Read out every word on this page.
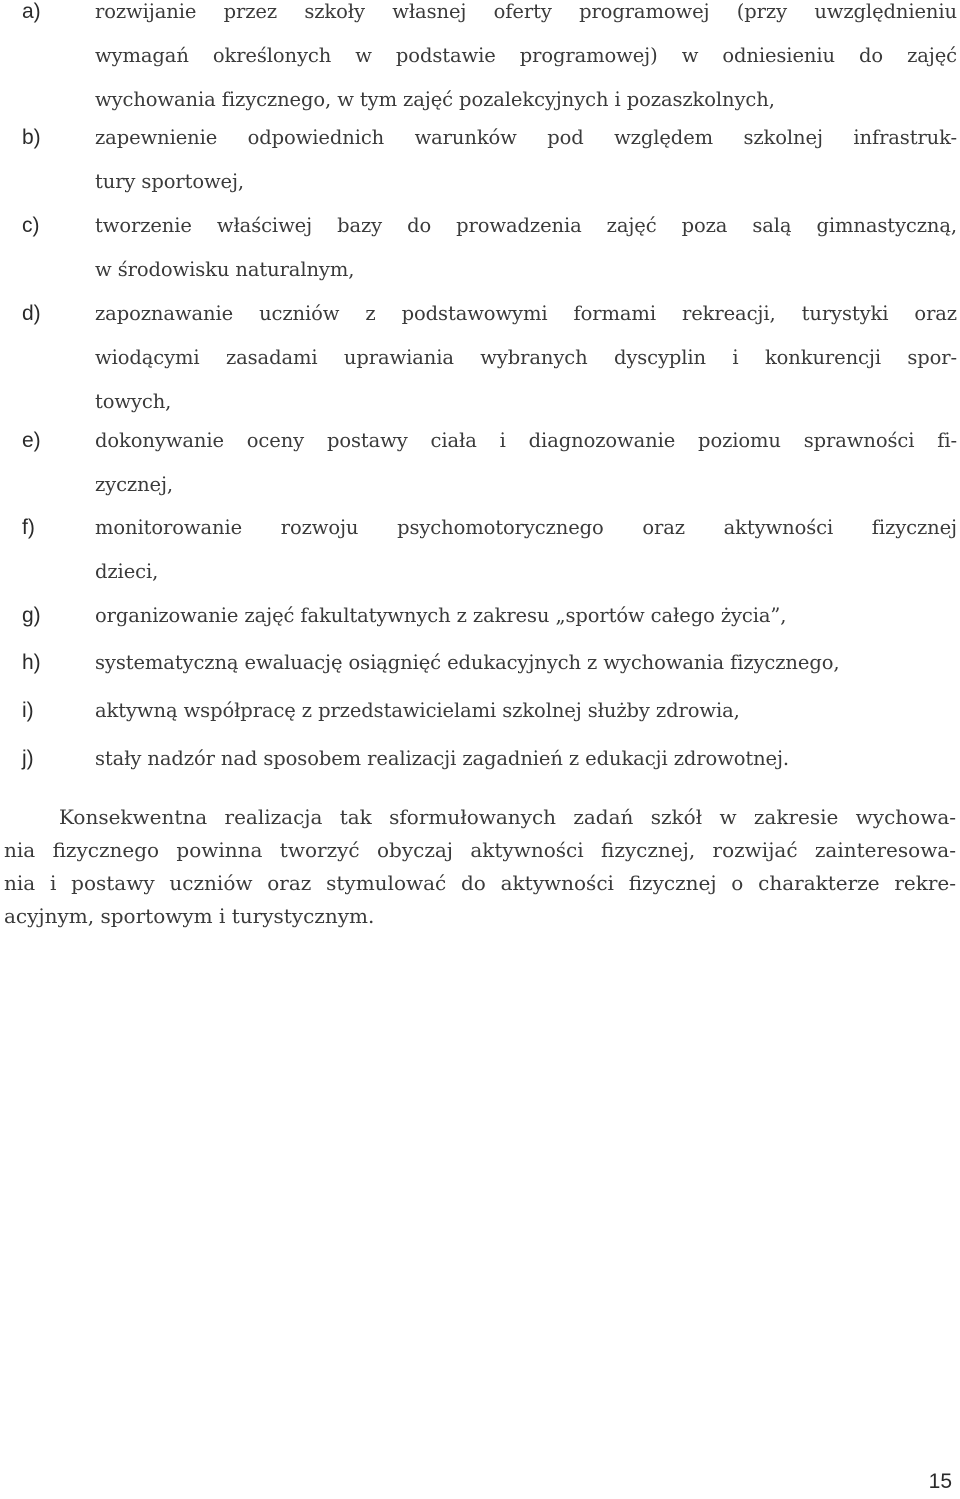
a)	rozwijanie przez szkoły własnej oferty programowej (przy uwzględnieniu
wymagań określonych w podstawie programowej) w odniesieniu do zajęć
wychowania fizycznego, w tym zajęć pozalekcyjnych i pozaszkolnych,
b)	zapewnienie odpowiednich warunków pod względem szkolnej infrastruk-
tury sportowej,
c)	tworzenie właściwej bazy do prowadzenia zajęć poza salą gimnastyczną,
w środowisku naturalnym,
d)	zapoznawanie uczniów z podstawowymi formami rekreacji, turystyki oraz
wiodącymi zasadami uprawiania wybranych dyscyplin i konkurencji spor-
towych,
e)	dokonywanie oceny postawy ciała i diagnozowanie poziomu sprawności fi-
zycznej,
f)	monitorowanie rozwoju psychomotorycznego oraz aktywności fizycznej
dzieci,
g)	organizowanie zajęć fakultatywnych z zakresu „sportów całego życia”,
h)	systematyczną ewaluację osiągnięć edukacyjnych z wychowania fizycznego,
i)	aktywną współpracę z przedstawicielami szkolnej służby zdrowia,
j)	stały nadzór nad sposobem realizacji zagadnień z edukacji zdrowotnej.
Konsekwentna realizacja tak sformułowanych zadań szkół w zakresie wychowa-
nia fizycznego powinna tworzyć obyczaj aktywności fizycznej, rozwijać zainteresowa-
nia i postawy uczniów oraz stymulować do aktywności fizycznej o charakterze rekre-
acyjnym, sportowym i turystycznym.
15
